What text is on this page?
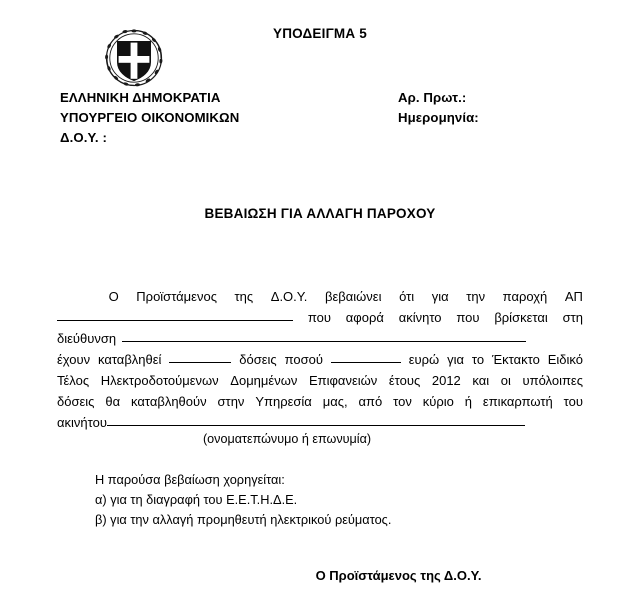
ΥΠΟΔΕΙΓΜΑ 5
ΕΛΛΗΝΙΚΗ ΔΗΜΟΚΡΑΤΙΑ
ΥΠΟΥΡΓΕΙΟ ΟΙΚΟΝΟΜΙΚΩΝ
Δ.Ο.Υ. :
Αρ. Πρωτ.:
Ημερομηνία:
ΒΕΒΑΙΩΣΗ ΓΙΑ ΑΛΛΑΓΗ ΠΑΡΟΧΟΥ
Ο Προϊστάμενος της Δ.Ο.Υ. βεβαιώνει ότι για την παροχή ΑΠ
που αφορά ακίνητο που βρίσκεται στη
διεύθυνση
έχουν καταβληθεί	δόσεις ποσού	ευρώ για το Έκτακτο Ειδικό
Τέλος Ηλεκτροδοτούμενων Δομημένων Επιφανειών έτους 2012 και οι υπόλοιπες
δόσεις θα καταβληθούν στην Υπηρεσία μας, από τον κύριο ή επικαρπωτή του
ακινήτου
(ονοματεπώνυμο ή επωνυμία)
Η παρούσα βεβαίωση χορηγείται:
α) για τη διαγραφή του Ε.Ε.Τ.Η.Δ.Ε.
β) για την αλλαγή προμηθευτή ηλεκτρικού ρεύματος.
Ο Προϊστάμενος της Δ.Ο.Υ.
